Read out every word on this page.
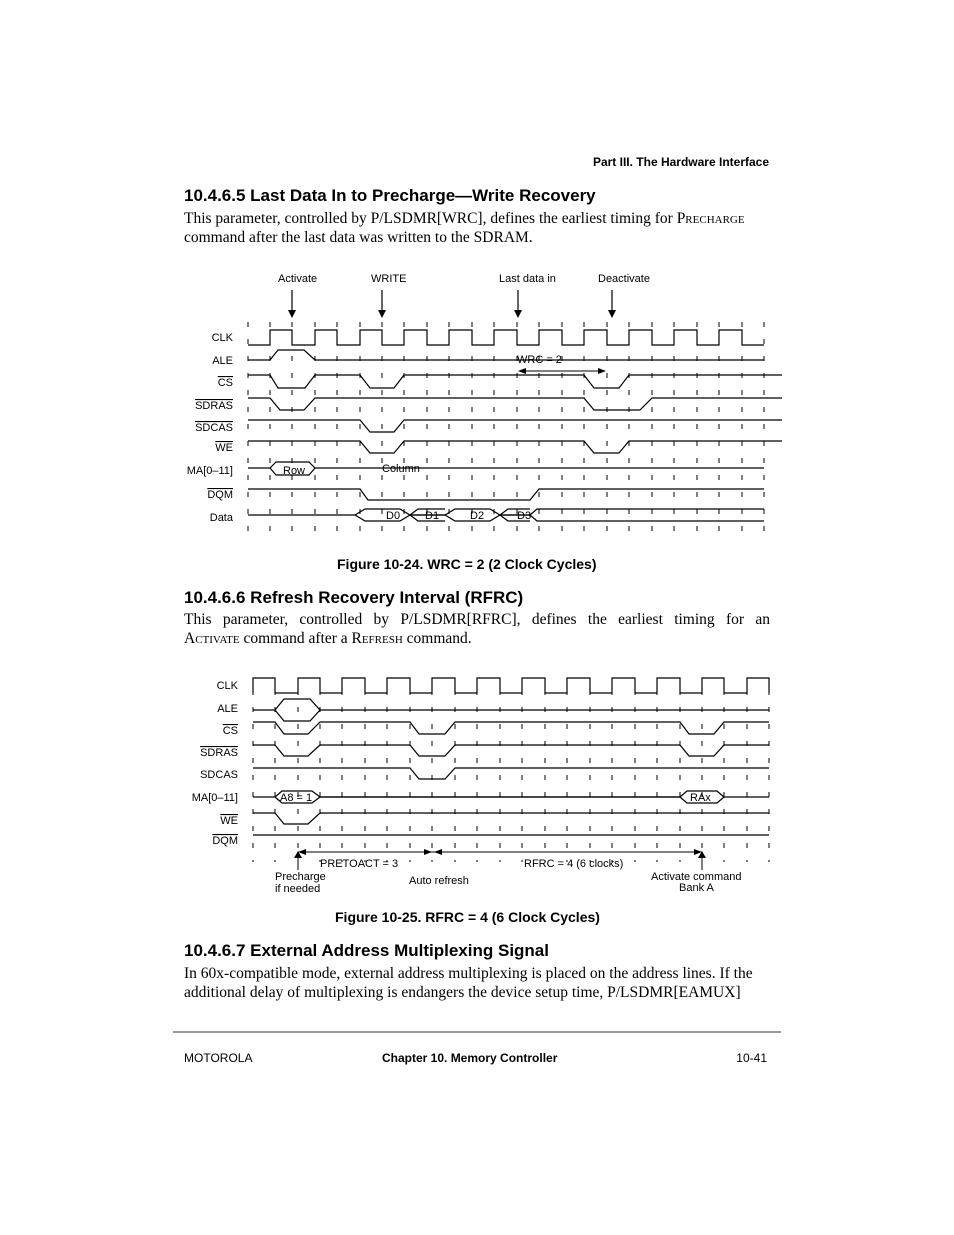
Part III. The Hardware Interface
10.4.6.5 Last Data In to Precharge—Write Recovery
This parameter, controlled by P/LSDMR[WRC], defines the earliest timing for Precharge
command after the last data was written to the SDRAM.
Activate	WRITE	Last data in	Deactivate
CLK
ALE
CS
SDRAS
SDCAS
WE
MA[0–11]
DQM
Data
WRC = 2
Row	Column
D0 D1	D2	D3
Figure 10-24. WRC = 2 (2 Clock Cycles)
10.4.6.6 Refresh Recovery Interval (RFRC)
This parameter, controlled by P/LSDMR[RFRC], defines the earliest timing for an
Activate command after a Refresh command.
CLK
ALE
CS
SDRAS
SDCAS
MA[0–11]
WE
DQM
A8 = 1	RAx
PRETOACT = 3	RFRC = 4 (6 clocks)
Precharge
if needed
Auto refresh	Activate command
Bank A
Figure 10-25. RFRC = 4 (6 Clock Cycles)
10.4.6.7 External Address Multiplexing Signal
In 60x-compatible mode, external address multiplexing is placed on the address lines. If the
additional delay of multiplexing is endangers the device setup time, P/LSDMR[EAMUX]
MOTOROLA	Chapter 10. Memory Controller	10-41
